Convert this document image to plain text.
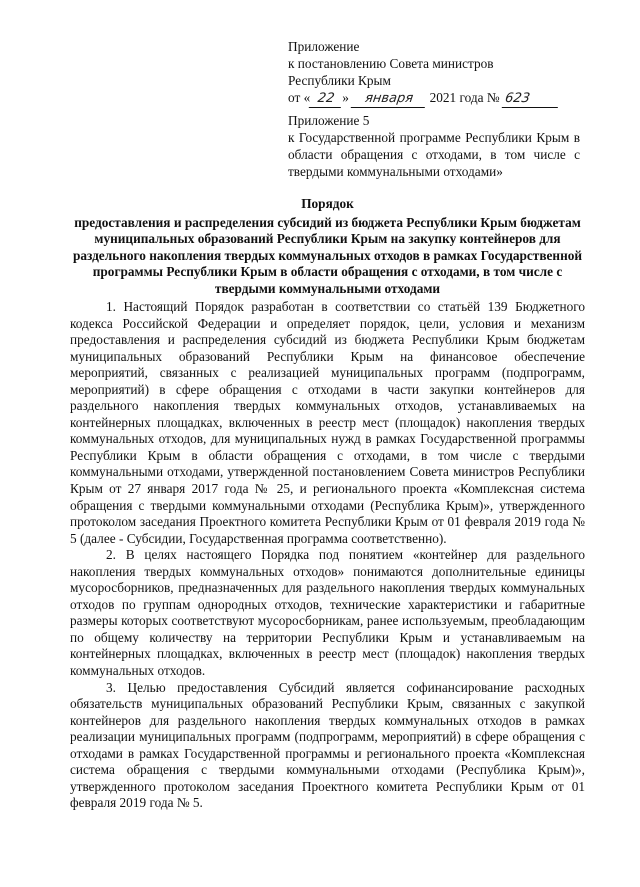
Приложение
к постановлению Совета министров
Республики Крым
от « 22 » января 2021 года № 623
Приложение 5
к Государственной программе Республики Крым в области обращения с отходами, в том числе с твердыми коммунальными отходами»
Порядок
предоставления и распределения субсидий из бюджета Республики Крым бюджетам муниципальных образований Республики Крым на закупку контейнеров для раздельного накопления твердых коммунальных отходов в рамках Государственной программы Республики Крым в области обращения с отходами, в том числе с твердыми коммунальными отходами

1. Настоящий Порядок разработан в соответствии со статьёй 139 Бюджетного кодекса Российской Федерации и определяет порядок, цели, условия и механизм предоставления и распределения субсидий из бюджета Республики Крым бюджетам муниципальных образований Республики Крым на финансовое обеспечение мероприятий, связанных с реализацией муниципальных программ (подпрограмм, мероприятий) в сфере обращения с отходами в части закупки контейнеров для раздельного накопления твердых коммунальных отходов, устанавливаемых на контейнерных площадках, включенных в реестр мест (площадок) накопления твердых коммунальных отходов, для муниципальных нужд в рамках Государственной программы Республики Крым в области обращения с отходами, в том числе с твердыми коммунальными отходами, утвержденной постановлением Совета министров Республики Крым от 27 января 2017 года № 25, и регионального проекта «Комплексная система обращения с твердыми коммунальными отходами (Республика Крым)», утвержденного протоколом заседания Проектного комитета Республики Крым от 01 февраля 2019 года № 5 (далее - Субсидии, Государственная программа соответственно).

2. В целях настоящего Порядка под понятием «контейнер для раздельного накопления твердых коммунальных отходов» понимаются дополнительные единицы мусоросборников, предназначенных для раздельного накопления твердых коммунальных отходов по группам однородных отходов, технические характеристики и габаритные размеры которых соответствуют мусоросборникам, ранее используемым, преобладающим по общему количеству на территории Республики Крым и устанавливаемым на контейнерных площадках, включенных в реестр мест (площадок) накопления твердых коммунальных отходов.

3. Целью предоставления Субсидий является софинансирование расходных обязательств муниципальных образований Республики Крым, связанных с закупкой контейнеров для раздельного накопления твердых коммунальных отходов в рамках реализации муниципальных программ (подпрограмм, мероприятий) в сфере обращения с отходами в рамках Государственной программы и регионального проекта «Комплексная система обращения с твердыми коммунальными отходами (Республика Крым)», утвержденного протоколом заседания Проектного комитета Республики Крым от 01 февраля 2019 года № 5.
